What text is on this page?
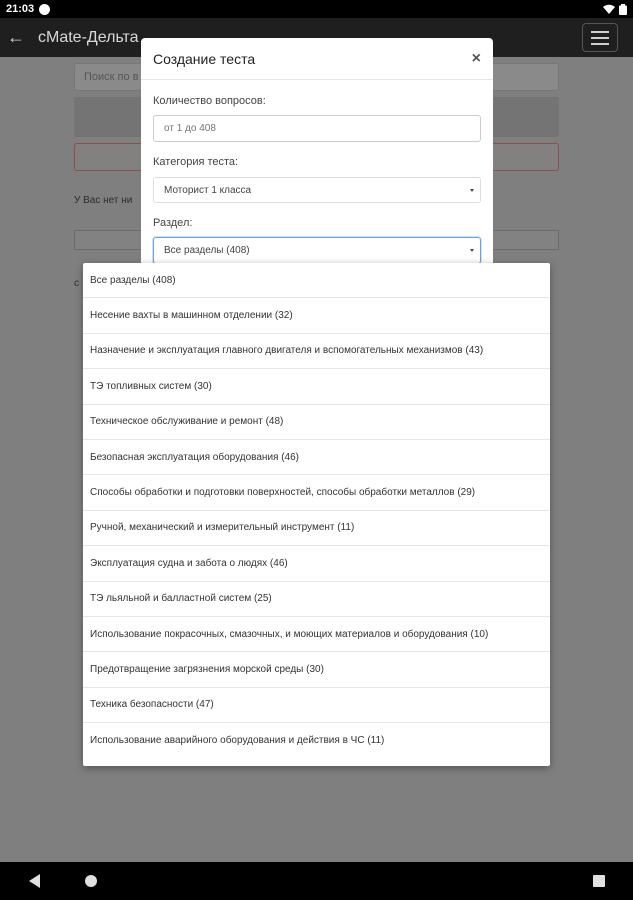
21:03
← cMate-Дельта
Поиск по в
У Вас нет ни
c
Создание теста	×
Количество вопросов:
от 1 до 408
Категория теста:
Моторист 1 класса
Раздел:
Все разделы (408)
Все разделы (408)
Несение вахты в машинном отделении (32)
Назначение и эксплуатация главного двигателя и вспомогательных механизмов (43)
ТЭ топливных систем (30)
Техническое обслуживание и ремонт (48)
Безопасная эксплуатация оборудования (46)
Способы обработки и подготовки поверхностей, способы обработки металлов (29)
Ручной, механический и измерительный инструмент (11)
Эксплуатация судна и забота о людях (46)
ТЭ льяльной и балластной систем (25)
Использование покрасочных, смазочных, и моющих материалов и оборудования (10)
Предотвращение загрязнения морской среды (30)
Техника безопасности (47)
Использование аварийного оборудования и действия в ЧС (11)
